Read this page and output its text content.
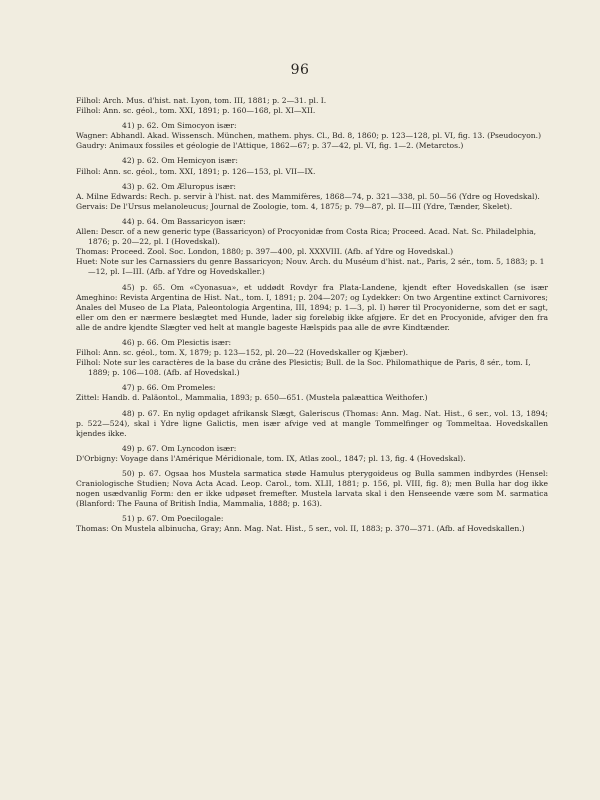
96

Filhol: Arch. Mus. d'hist. nat. Lyon, tom. III, 1881; p. 2—31. pl. I.

Filhol: Ann. sc. géol., tom. XXI, 1891; p. 160—168, pl. XI—XII.

41) p. 62. Om Simocyon især:

Wagner: Abhandl. Akad. Wissensch. München, mathem. phys. Cl., Bd. 8, 1860; p. 123—128, pl. VI, fig. 13. (Pseudocyon.)

Gaudry: Animaux fossiles et géologie de l'Attique, 1862—67; p. 37—42, pl. VI, fig. 1—2. (Metarctos.)

42) p. 62. Om Hemicyon især:

Filhol: Ann. sc. géol., tom. XXI, 1891; p. 126—153, pl. VII—IX.

43) p. 62. Om Æluropus især:

A. Milne Edwards: Rech. p. servir à l'hist. nat. des Mammifères, 1868—74, p. 321—338, pl. 50—56 (Ydre og Hovedskal).

Gervais: De l'Ursus melanoleucus; Journal de Zoologie, tom. 4, 1875; p. 79—87, pl. II—III (Ydre, Tænder, Skelet).

44) p. 64. Om Bassaricyon især:

Allen: Descr. of a new generic type (Bassaricyon) of Procyonidæ from Costa Rica; Proceed. Acad. Nat. Sc. Philadelphia, 1876; p. 20—22, pl. I (Hovedskal).

Thomas: Proceed. Zool. Soc. London, 1880; p. 397—400, pl. XXXVIII. (Afb. af Ydre og Hovedskal.)

Huet: Note sur les Carnassiers du genre Bassaricyon; Nouv. Arch. du Muséum d'hist. nat., Paris, 2 sér., tom. 5, 1883; p. 1—12, pl. I—III. (Afb. af Ydre og Hovedskaller.)

45) p. 65. Om «Cyonasua», et uddødt Rovdyr fra Plata-Landene, kjendt efter Hovedskallen (se især Ameghino: Revista Argentina de Hist. Nat., tom. I, 1891; p. 204—207; og Lydekker: On two Argentine extinct Carnivores; Anales del Museo de La Plata, Paleontologia Argentina, III, 1894; p. 1—3, pl. I) hører til Procyoniderne, som det er sagt, eller om den er nærmere beslægtet med Hunde, lader sig foreløbig ikke afgjøre. Er det en Procyonide, afviger den fra alle de andre kjendte Slægter ved helt at mangle bageste Hælspids paa alle de øvre Kindtænder.

46) p. 66. Om Plesictis især:

Filhol: Ann. sc. géol., tom. X, 1879; p. 123—152, pl. 20—22 (Hovedskaller og Kjæber).

Filhol: Note sur les caractères de la base du crâne des Plesictis; Bull. de la Soc. Philomathique de Paris, 8 sér., tom. I, 1889; p. 106—108. (Afb. af Hovedskal.)

47) p. 66. Om Promeles:

Zittel: Handb. d. Paläontol., Mammalia, 1893; p. 650—651. (Mustela palæattica Weithofer.)

48) p. 67. En nylig opdaget afrikansk Slægt, Galeriscus (Thomas: Ann. Mag. Nat. Hist., 6 ser., vol. 13, 1894; p. 522—524), skal i Ydre ligne Galictis, men især afvige ved at mangle Tommelfinger og Tommeltaa. Hovedskallen kjendes ikke.

49) p. 67. Om Lyncodon især:

D'Orbigny: Voyage dans l'Amérique Méridionale, tom. IX, Atlas zool., 1847; pl. 13, fig. 4 (Hovedskal).

50) p. 67. Ogsaa hos Mustela sarmatica støde Hamulus pterygoideus og Bulla sammen indbyrdes (Hensel: Craniologische Studien; Nova Acta Acad. Leop. Carol., tom. XLII, 1881; p. 156, pl. VIII, fig. 8); men Bulla har dog ikke nogen usædvanlig Form: den er ikke udpøset fremefter. Mustela larvata skal i den Henseende være som M. sarmatica (Blanford: The Fauna of British India, Mammalia, 1888; p. 163).

51) p. 67. Om Poecilogale:

Thomas: On Mustela albinucha, Gray; Ann. Mag. Nat. Hist., 5 ser., vol. II, 1883; p. 370—371. (Afb. af Hovedskallen.)
